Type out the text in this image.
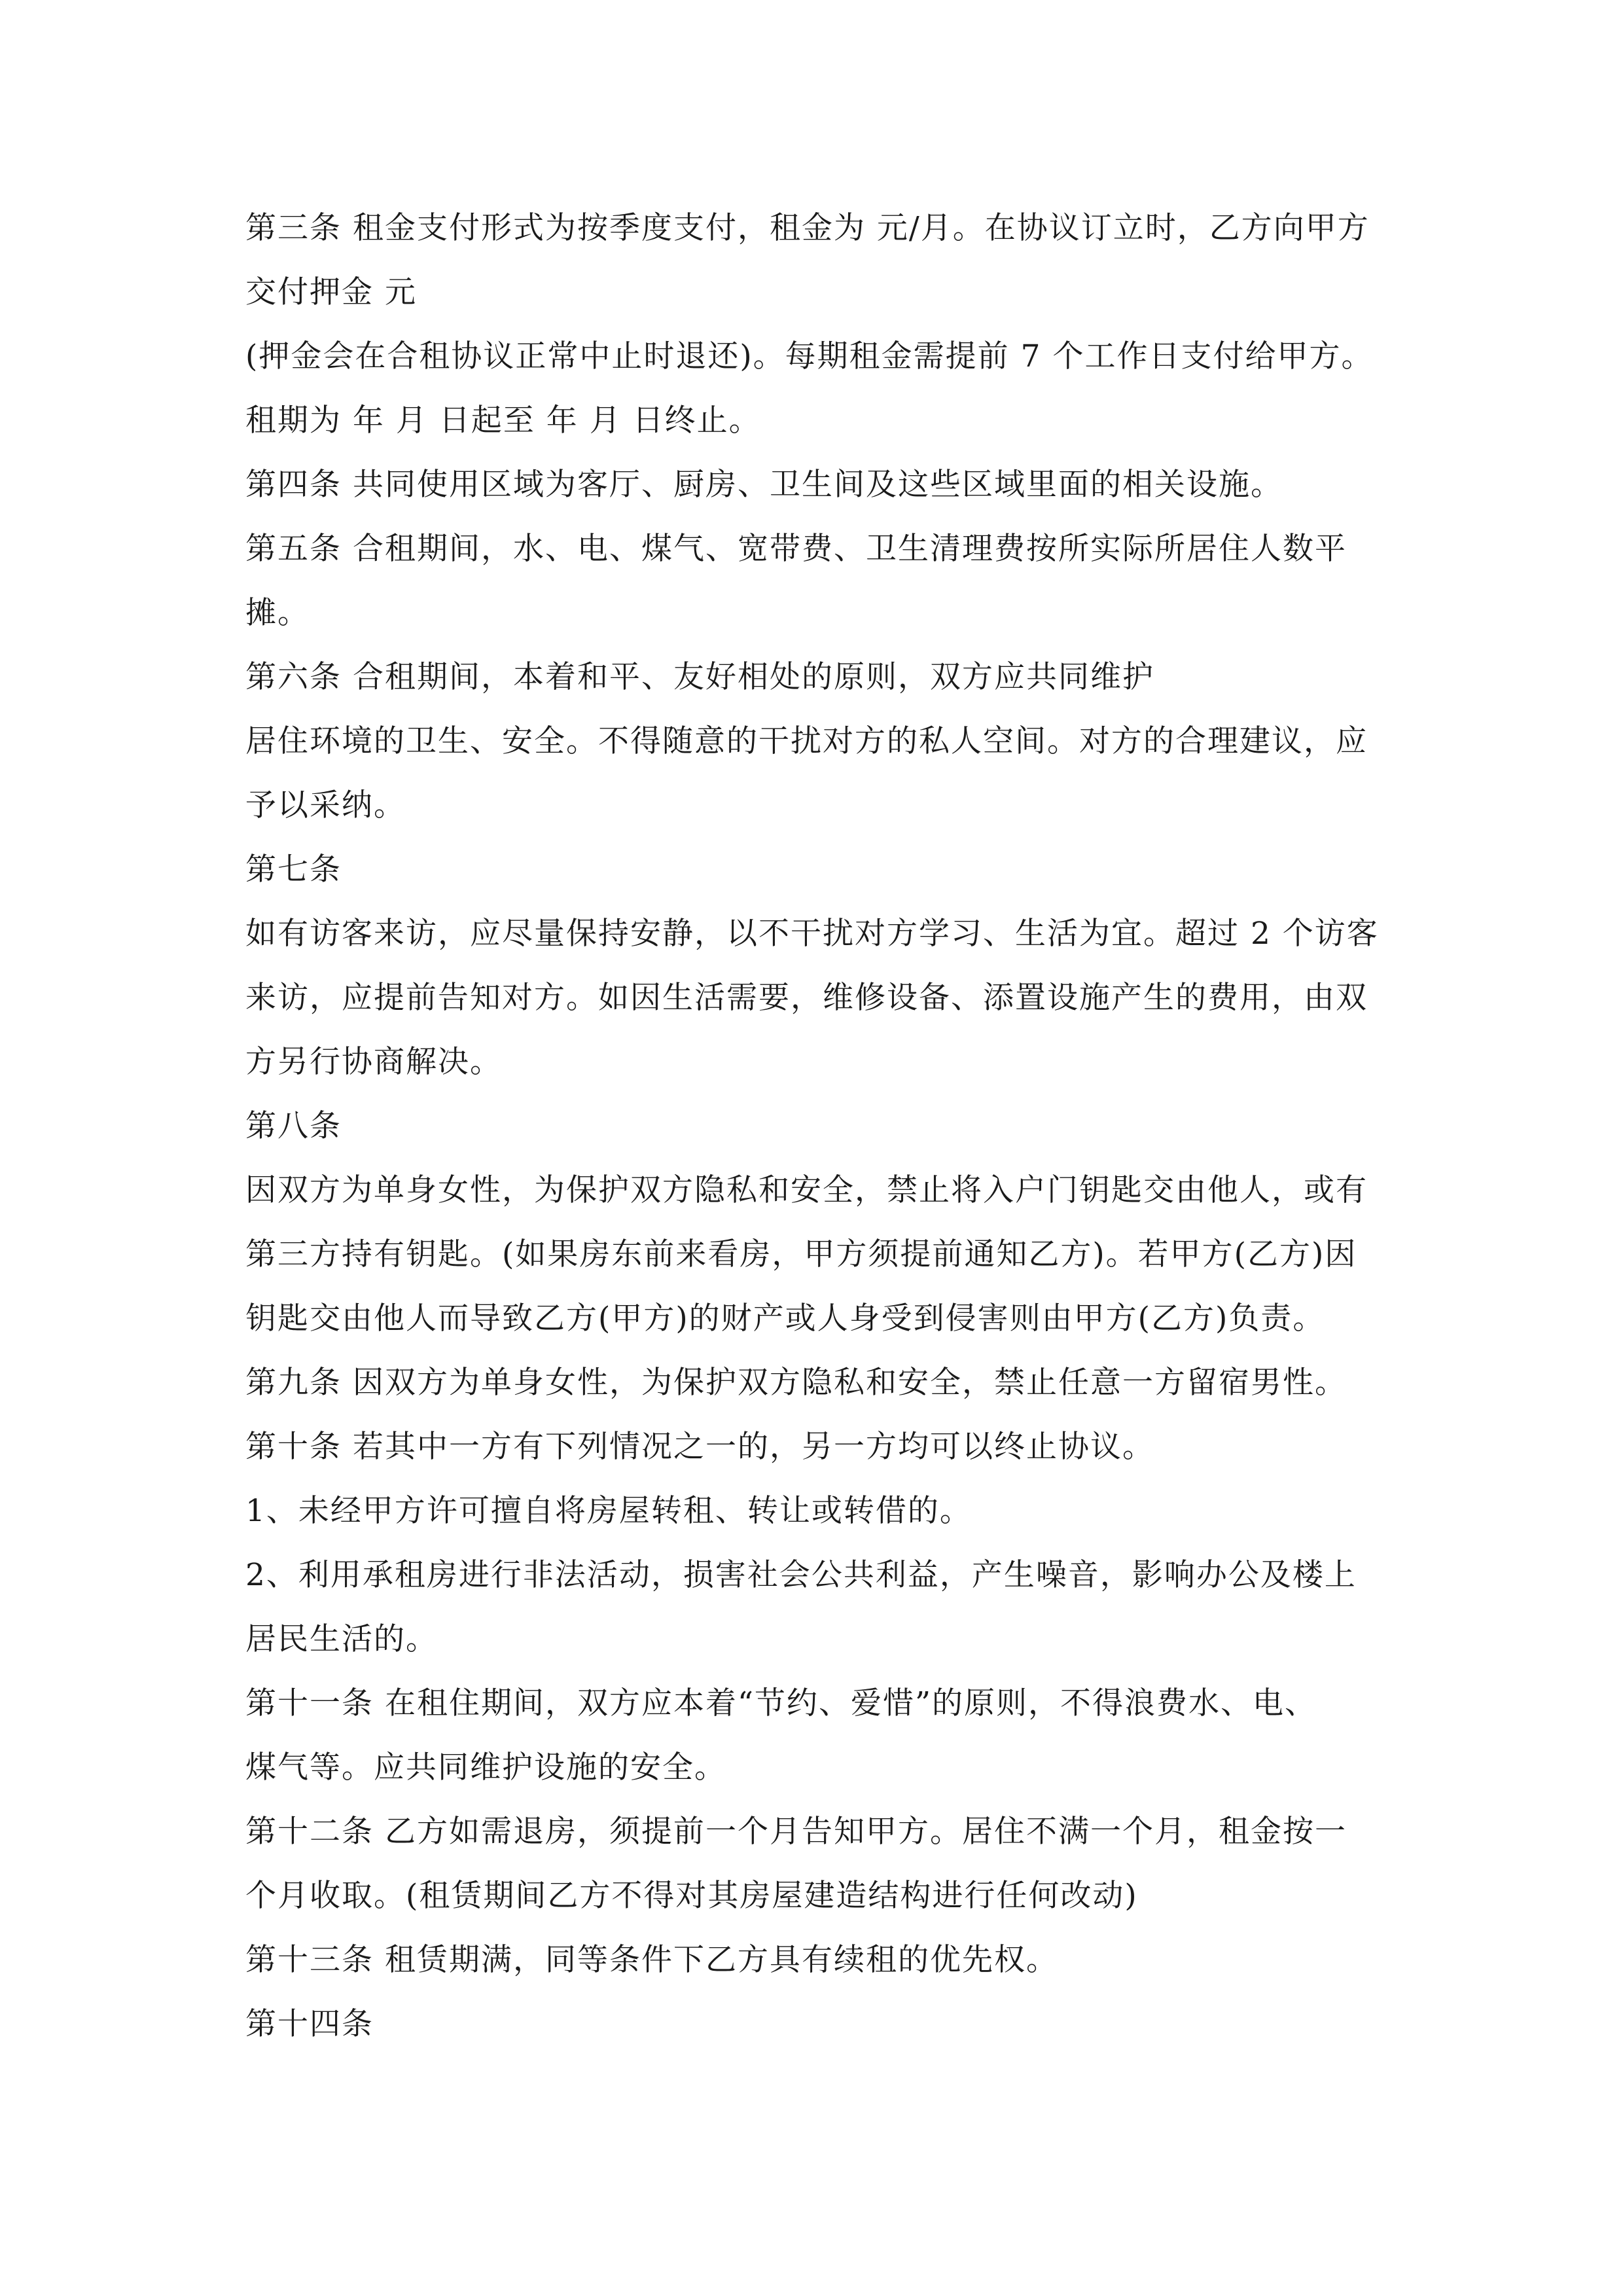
第三条 租金支付形式为按季度支付，租金为 元/月。在协议订立时，乙方向甲方
交付押金 元
(押金会在合租协议正常中止时退还)。每期租金需提前 7 个工作日支付给甲方。
租期为 年 月 日起至 年 月 日终止。
第四条 共同使用区域为客厅、厨房、卫生间及这些区域里面的相关设施。
第五条 合租期间，水、电、煤气、宽带费、卫生清理费按所实际所居住人数平
摊。
第六条 合租期间，本着和平、友好相处的原则，双方应共同维护
居住环境的卫生、安全。不得随意的干扰对方的私人空间。对方的合理建议，应
予以采纳。
第七条
如有访客来访，应尽量保持安静，以不干扰对方学习、生活为宜。超过 2 个访客
来访，应提前告知对方。如因生活需要，维修设备、添置设施产生的费用，由双
方另行协商解决。
第八条
因双方为单身女性，为保护双方隐私和安全，禁止将入户门钥匙交由他人，或有
第三方持有钥匙。(如果房东前来看房，甲方须提前通知乙方)。若甲方(乙方)因
钥匙交由他人而导致乙方(甲方)的财产或人身受到侵害则由甲方(乙方)负责。
第九条 因双方为单身女性，为保护双方隐私和安全，禁止任意一方留宿男性。
第十条 若其中一方有下列情况之一的，另一方均可以终止协议。
1、未经甲方许可擅自将房屋转租、转让或转借的。
2、利用承租房进行非法活动，损害社会公共利益，产生噪音，影响办公及楼上
居民生活的。
第十一条 在租住期间，双方应本着“节约、爱惜”的原则，不得浪费水、电、
煤气等。应共同维护设施的安全。
第十二条 乙方如需退房，须提前一个月告知甲方。居住不满一个月，租金按一
个月收取。(租赁期间乙方不得对其房屋建造结构进行任何改动)
第十三条 租赁期满，同等条件下乙方具有续租的优先权。
第十四条
